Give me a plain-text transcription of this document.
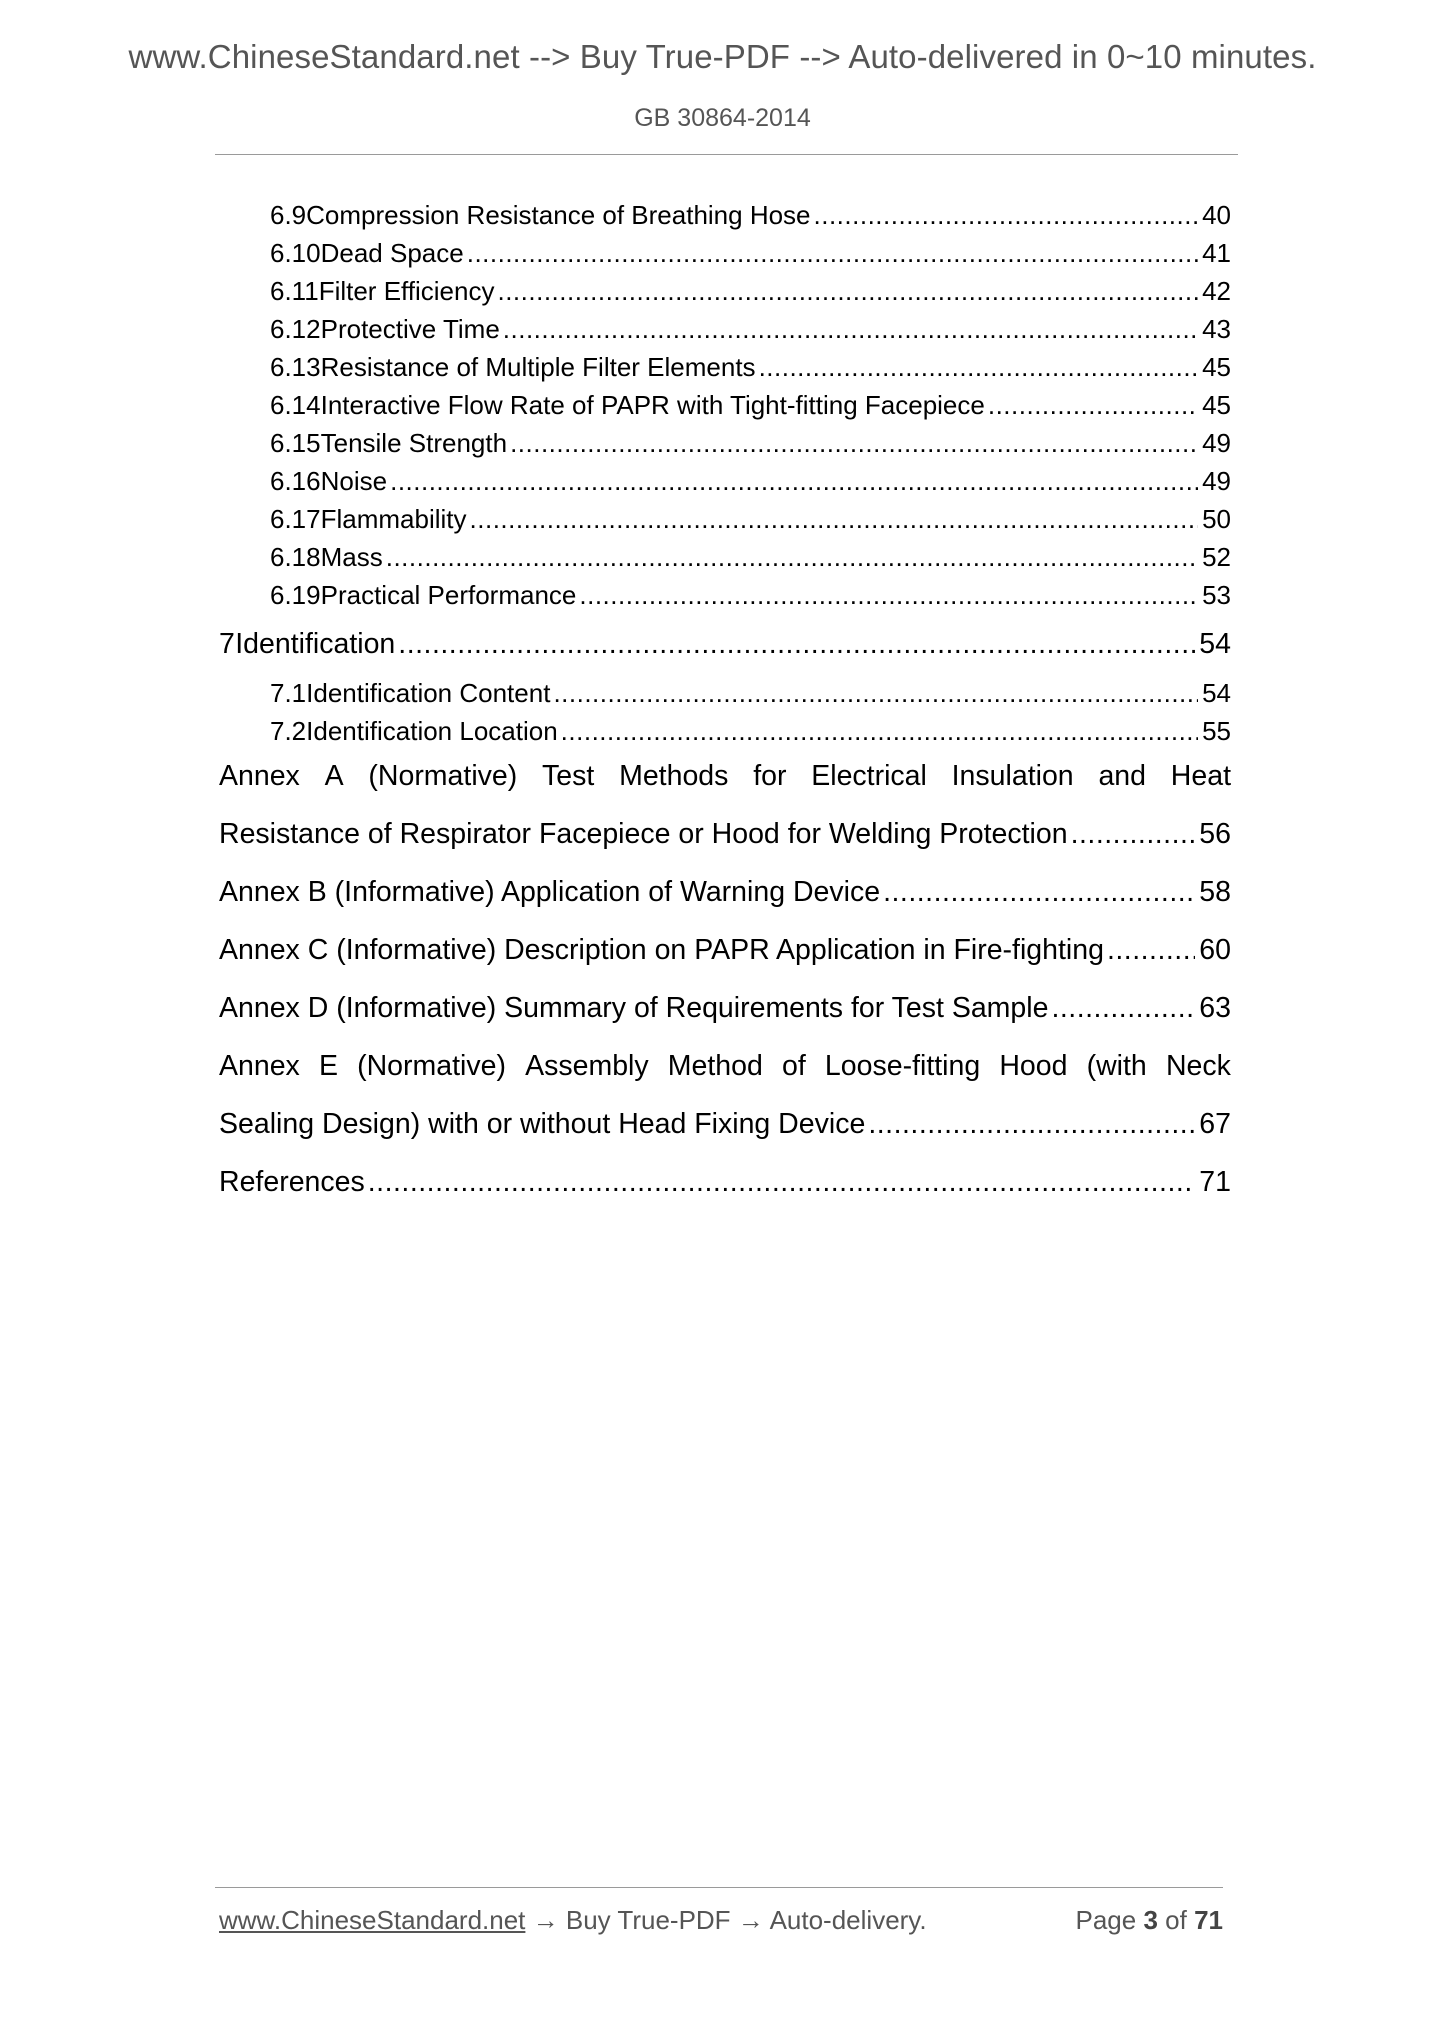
www.ChineseStandard.net --> Buy True-PDF --> Auto-delivered in 0~10 minutes.
GB 30864-2014
6.9 Compression Resistance of Breathing Hose .....	40
6.10 Dead Space .....	41
6.11 Filter Efficiency .....	42
6.12 Protective Time .....	43
6.13 Resistance of Multiple Filter Elements .....	45
6.14 Interactive Flow Rate of PAPR with Tight-fitting Facepiece .....	45
6.15 Tensile Strength .....	49
6.16 Noise .....	49
6.17 Flammability .....	50
6.18 Mass .....	52
6.19 Practical Performance .....	53
7 Identification .....	54
7.1 Identification Content .....	54
7.2 Identification Location .....	55
Annex A (Normative) Test Methods for Electrical Insulation and Heat
Resistance of Respirator Facepiece or Hood for Welding Protection .....	56
Annex B (Informative) Application of Warning Device .....	58
Annex C (Informative) Description on PAPR Application in Fire-fighting .....	60
Annex D (Informative) Summary of Requirements for Test Sample .....	63
Annex E (Normative) Assembly Method of Loose-fitting Hood (with Neck
Sealing Design) with or without Head Fixing Device .....	67
References .....	71
www.ChineseStandard.net → Buy True-PDF → Auto-delivery.	Page 3 of 71
